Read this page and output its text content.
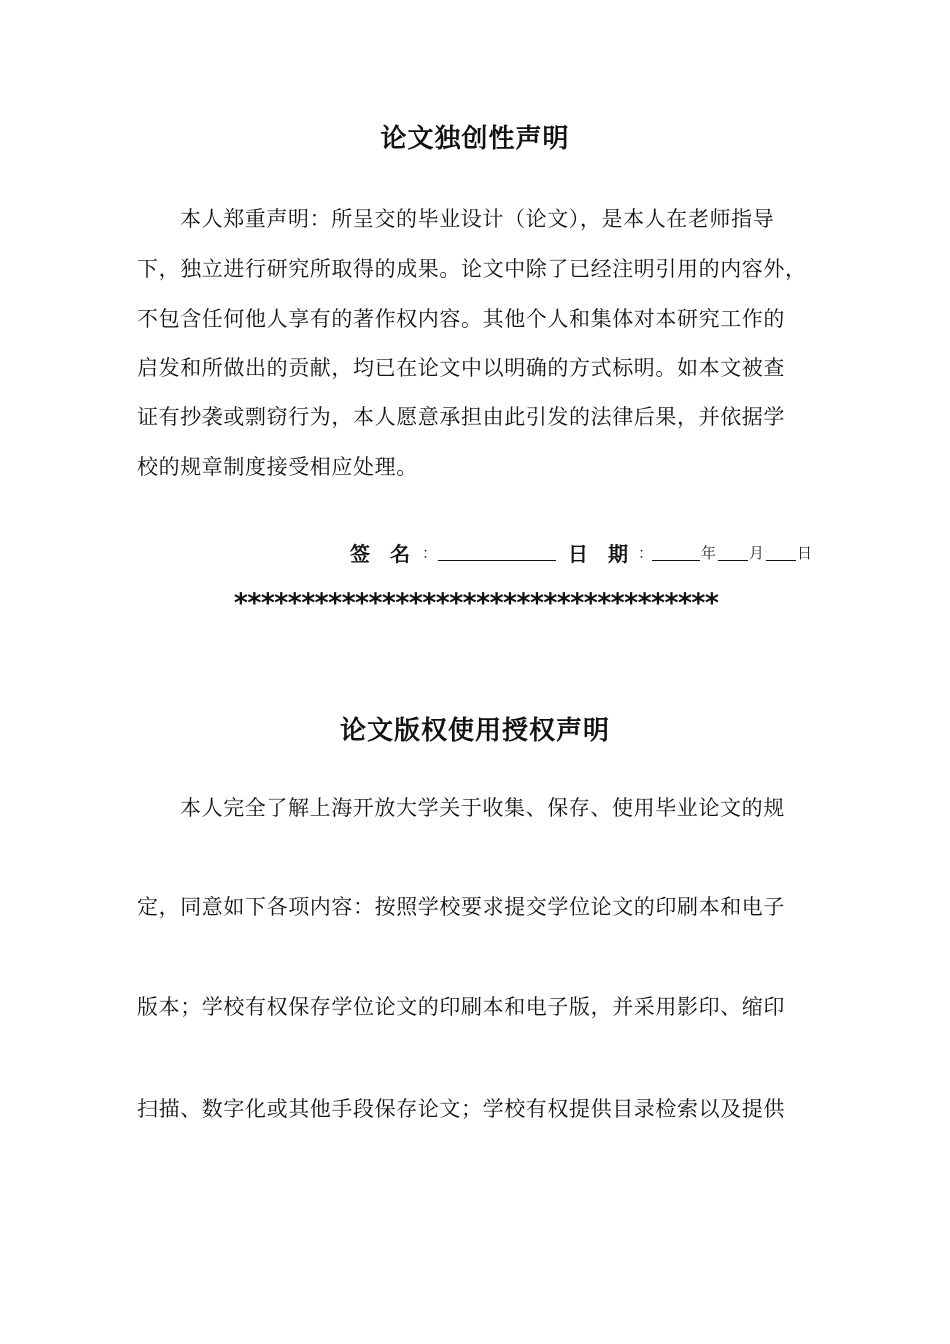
论文独创性声明
本人郑重声明：所呈交的毕业设计（论文），是本人在老师指导
下，独立进行研究所取得的成果。论文中除了已经注明引用的内容外，
不包含任何他人享有的著作权内容。其他个人和集体对本研究工作的
启发和所做出的贡献，均已在论文中以明确的方式标明。如本文被查
证有抄袭或剽窃行为，本人愿意承担由此引发的法律后果，并依据学
校的规章制度接受相应处理。
签　名 ：	日　期 ：	年 月 日
************************************
论文版权使用授权声明
本人完全了解上海开放大学关于收集、保存、使用毕业论文的规
定，同意如下各项内容：按照学校要求提交学位论文的印刷本和电子
版本；学校有权保存学位论文的印刷本和电子版，并采用影印、缩印
扫描、数字化或其他手段保存论文；学校有权提供目录检索以及提供
